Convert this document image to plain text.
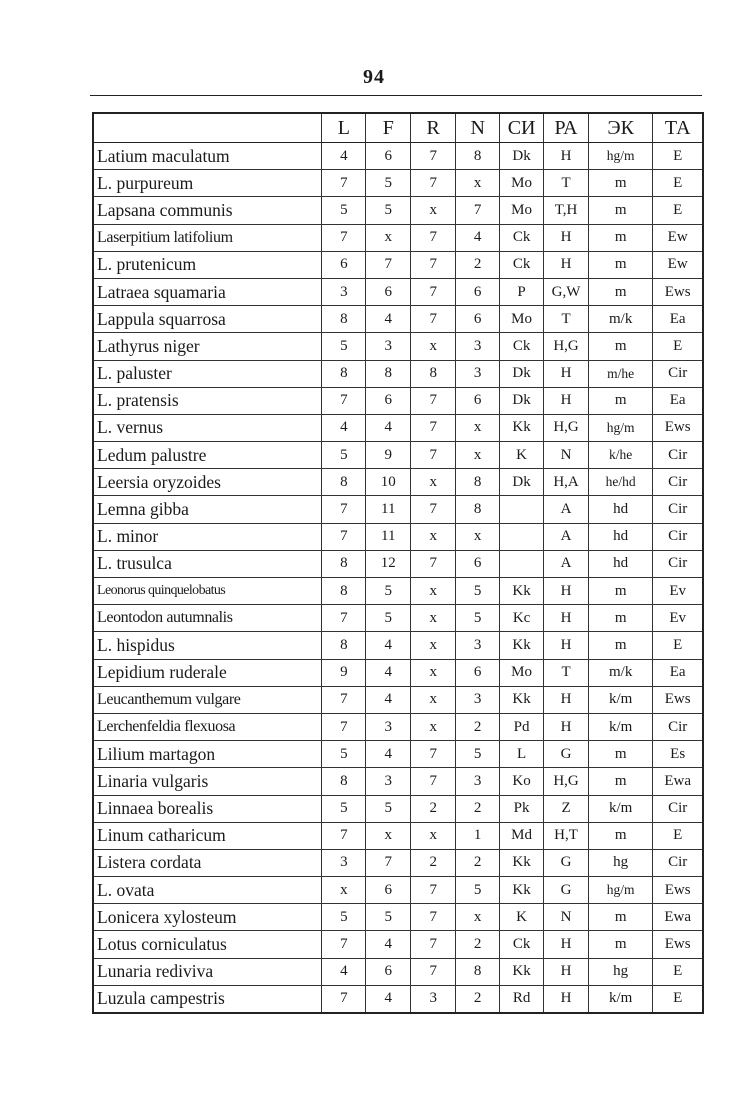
94
	L	F	R	N	СИ	РА	ЭК	ТА
Latium maculatum	4	6	7	8	Dk	H	hg/m	E
L. purpureum	7	5	7	x	Mo	T	m	E
Lapsana communis	5	5	x	7	Mo	T,H	m	E
Laserpitium latifolium	7	x	7	4	Ck	H	m	Ew
L. prutenicum	6	7	7	2	Ck	H	m	Ew
Latraea squamaria	3	6	7	6	P	G,W	m	Ews
Lappula squarrosa	8	4	7	6	Mo	T	m/k	Ea
Lathyrus niger	5	3	x	3	Ck	H,G	m	E
L. paluster	8	8	8	3	Dk	H	m/he	Cir
L. pratensis	7	6	7	6	Dk	H	m	Ea
L. vernus	4	4	7	x	Kk	H,G	hg/m	Ews
Ledum palustre	5	9	7	x	K	N	k/he	Cir
Leersia oryzoides	8	10	x	8	Dk	H,A	he/hd	Cir
Lemna gibba	7	11	7	8		A	hd	Cir
L. minor	7	11	x	x		A	hd	Cir
L. trusulca	8	12	7	6		A	hd	Cir
Leonorus quinquelobatus	8	5	x	5	Kk	H	m	Ev
Leontodon autumnalis	7	5	x	5	Kc	H	m	Ev
L. hispidus	8	4	x	3	Kk	H	m	E
Lepidium ruderale	9	4	x	6	Mo	T	m/k	Ea
Leucanthemum vulgare	7	4	x	3	Kk	H	k/m	Ews
Lerchenfeldia flexuosa	7	3	x	2	Pd	H	k/m	Cir
Lilium martagon	5	4	7	5	L	G	m	Es
Linaria vulgaris	8	3	7	3	Ko	H,G	m	Ewa
Linnaea borealis	5	5	2	2	Pk	Z	k/m	Cir
Linum catharicum	7	x	x	1	Md	H,T	m	E
Listera cordata	3	7	2	2	Kk	G	hg	Cir
L. ovata	x	6	7	5	Kk	G	hg/m	Ews
Lonicera xylosteum	5	5	7	x	K	N	m	Ewa
Lotus corniculatus	7	4	7	2	Ck	H	m	Ews
Lunaria rediviva	4	6	7	8	Kk	H	hg	E
Luzula campestris	7	4	3	2	Rd	H	k/m	E
